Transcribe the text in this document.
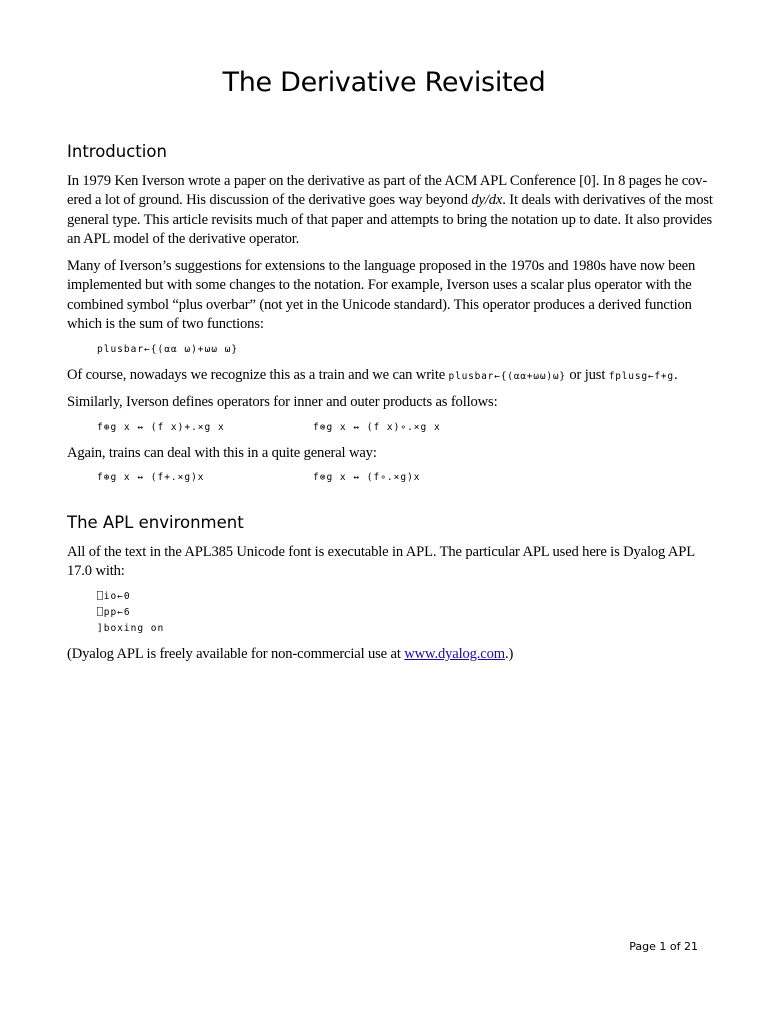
The Derivative Revisited
Introduction
In 1979 Ken Iverson wrote a paper on the derivative as part of the ACM APL Conference [0]. In 8 pages he cov-
ered a lot of ground. His discussion of the derivative goes way beyond dy/dx. It deals with derivatives of the most
general type. This article revisits much of that paper and attempts to bring the notation up to date. It also provides
an APL model of the derivative operator.
Many of Iverson’s suggestions for extensions to the language proposed in the 1970s and 1980s have now been
implemented but with some changes to the notation. For example, Iverson uses a scalar plus operator with the
combined symbol “plus overbar” (not yet in the Unicode standard). This operator produces a derived function
which is the sum of two functions:
plusbar←{(⍺⍺ ⍵)+⍵⍵ ⍵}
Of course, nowadays we recognize this as a train and we can write plusbar←{(⍺⍺+⍵⍵)⍵} or just fplusg←f+g.
Similarly, Iverson defines operators for inner and outer products as follows:
f⊕g x ↔ (f x)+.×g x	f⊗g x ↔ (f x)∘.×g x
Again, trains can deal with this in a quite general way:
f⊕g x ↔ (f+.×g)x	f⊗g x ↔ (f∘.×g)x
The APL environment
All of the text in the APL385 Unicode font is executable in APL. The particular APL used here is Dyalog APL
17.0 with:
⎕io←0
⎕pp←6
]boxing on
(Dyalog APL is freely available for non-commercial use at www.dyalog.com.)
Page 1 of 21
